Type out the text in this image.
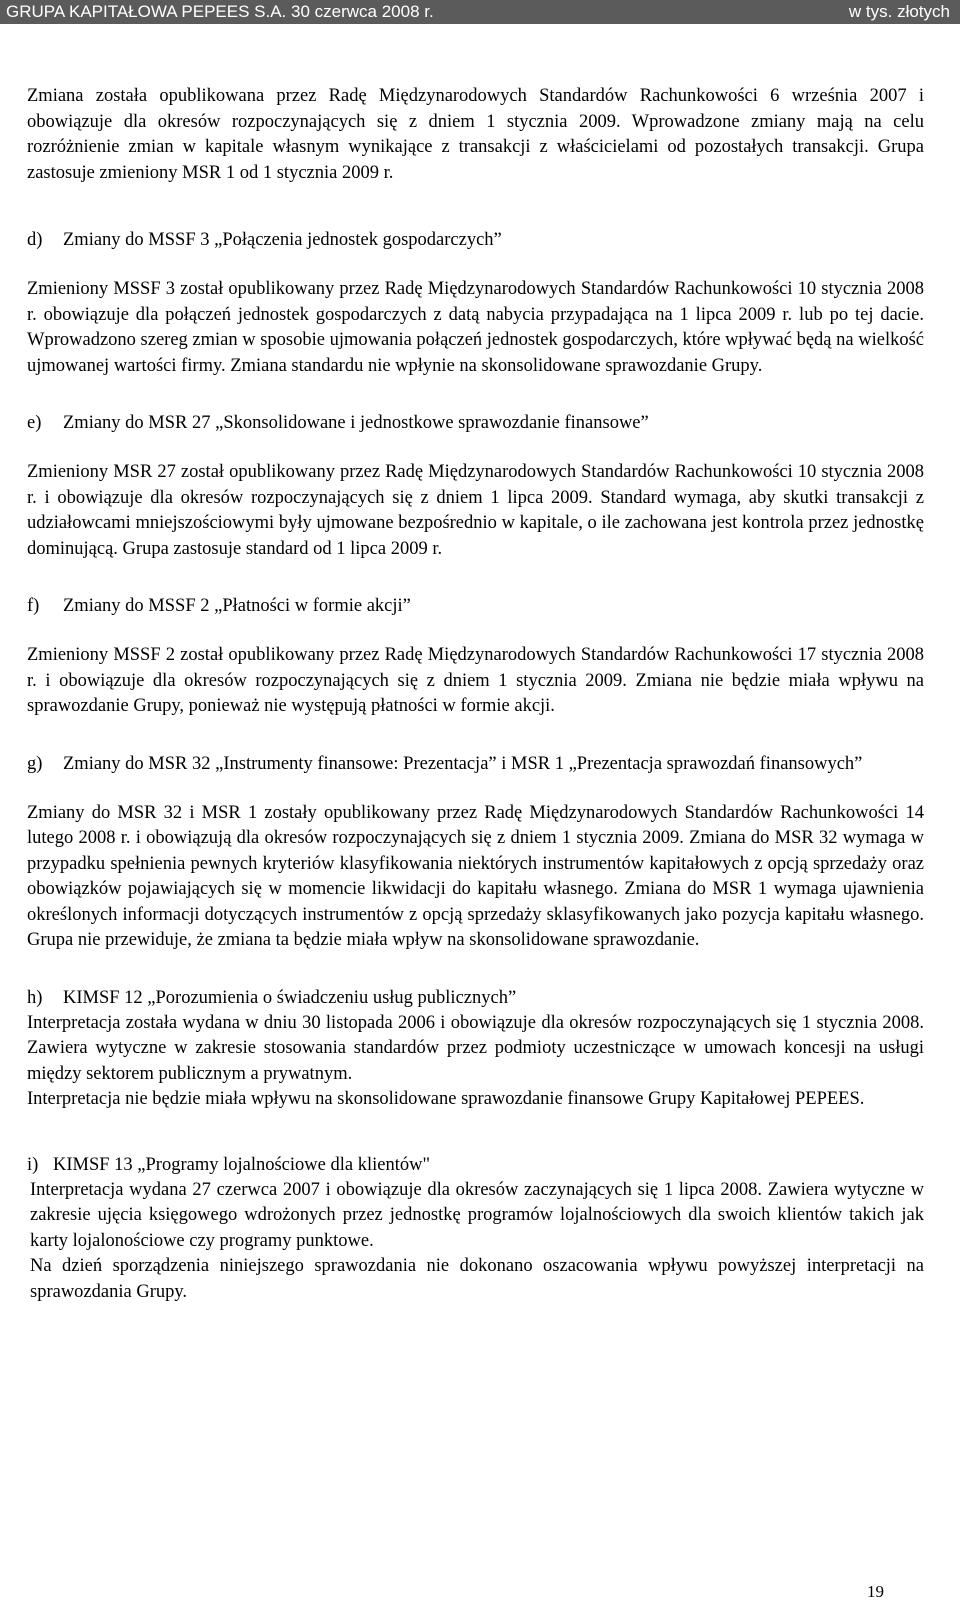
GRUPA KAPITAŁOWA PEPEES S.A. 30 czerwca 2008 r.	w tys. złotych

Zmiana została opublikowana przez Radę Międzynarodowych Standardów Rachunkowości 6 września 2007 i obowiązuje dla okresów rozpoczynających się z dniem 1 stycznia 2009. Wprowadzone zmiany mają na celu rozróżnienie zmian w kapitale własnym wynikające z transakcji z właścicielami od pozostałych transakcji. Grupa zastosuje zmieniony MSR 1 od 1 stycznia 2009 r.

d)	Zmiany do MSSF 3 „Połączenia jednostek gospodarczych”

Zmieniony MSSF 3 został opublikowany przez Radę Międzynarodowych Standardów Rachunkowości 10 stycznia 2008 r. obowiązuje dla połączeń jednostek gospodarczych z datą nabycia przypadająca na 1 lipca 2009 r. lub po tej dacie. Wprowadzono szereg zmian w sposobie ujmowania połączeń jednostek gospodarczych, które wpływać będą na wielkość ujmowanej wartości firmy. Zmiana standardu nie wpłynie na skonsolidowane sprawozdanie Grupy.

e)	Zmiany do MSR 27 „Skonsolidowane i jednostkowe sprawozdanie finansowe”

Zmieniony MSR 27 został opublikowany przez Radę Międzynarodowych Standardów Rachunkowości 10 stycznia 2008 r. i obowiązuje dla okresów rozpoczynających się z dniem 1 lipca 2009. Standard wymaga, aby skutki transakcji z udziałowcami mniejszościowymi były ujmowane bezpośrednio w kapitale, o ile zachowana jest kontrola przez jednostkę dominującą. Grupa zastosuje standard od 1 lipca 2009 r.

f)	Zmiany do MSSF 2 „Płatności w formie akcji”

Zmieniony MSSF 2 został opublikowany przez Radę Międzynarodowych Standardów Rachunkowości 17 stycznia 2008 r. i obowiązuje dla okresów rozpoczynających się z dniem 1 stycznia 2009. Zmiana nie będzie miała wpływu na sprawozdanie Grupy, ponieważ nie występują płatności w formie akcji.

g)	Zmiany do MSR 32 „Instrumenty finansowe: Prezentacja” i MSR 1 „Prezentacja sprawozdań finansowych”

Zmiany do MSR 32 i MSR 1 zostały opublikowany przez Radę Międzynarodowych Standardów Rachunkowości 14 lutego 2008 r. i obowiązują dla okresów rozpoczynających się z dniem 1 stycznia 2009. Zmiana do MSR 32 wymaga w przypadku spełnienia pewnych kryteriów klasyfikowania niektórych instrumentów kapitałowych z opcją sprzedaży oraz obowiązków pojawiających się w momencie likwidacji do kapitału własnego. Zmiana do MSR 1 wymaga ujawnienia określonych informacji dotyczących instrumentów z opcją sprzedaży sklasyfikowanych jako pozycja kapitału własnego. Grupa nie przewiduje, że zmiana ta będzie miała wpływ na skonsolidowane sprawozdanie.

h)	KIMSF 12 „Porozumienia o świadczeniu usług publicznych”

Interpretacja została wydana w dniu 30 listopada 2006 i obowiązuje dla okresów rozpoczynających się 1 stycznia 2008. Zawiera wytyczne w zakresie stosowania standardów przez podmioty uczestniczące w umowach koncesji na usługi między sektorem publicznym a prywatnym.

Interpretacja nie będzie miała wpływu na skonsolidowane sprawozdanie finansowe Grupy Kapitałowej PEPEES.

i) KIMSF 13 „Programy lojalnościowe dla klientów"

Interpretacja wydana 27 czerwca 2007 i obowiązuje dla okresów zaczynających się 1 lipca 2008. Zawiera wytyczne w zakresie ujęcia księgowego wdrożonych przez jednostkę programów lojalnościowych dla swoich klientów takich jak karty lojalonościowe czy programy punktowe.

Na dzień sporządzenia niniejszego sprawozdania nie dokonano oszacowania wpływu powyższej interpretacji na sprawozdania Grupy.

19
